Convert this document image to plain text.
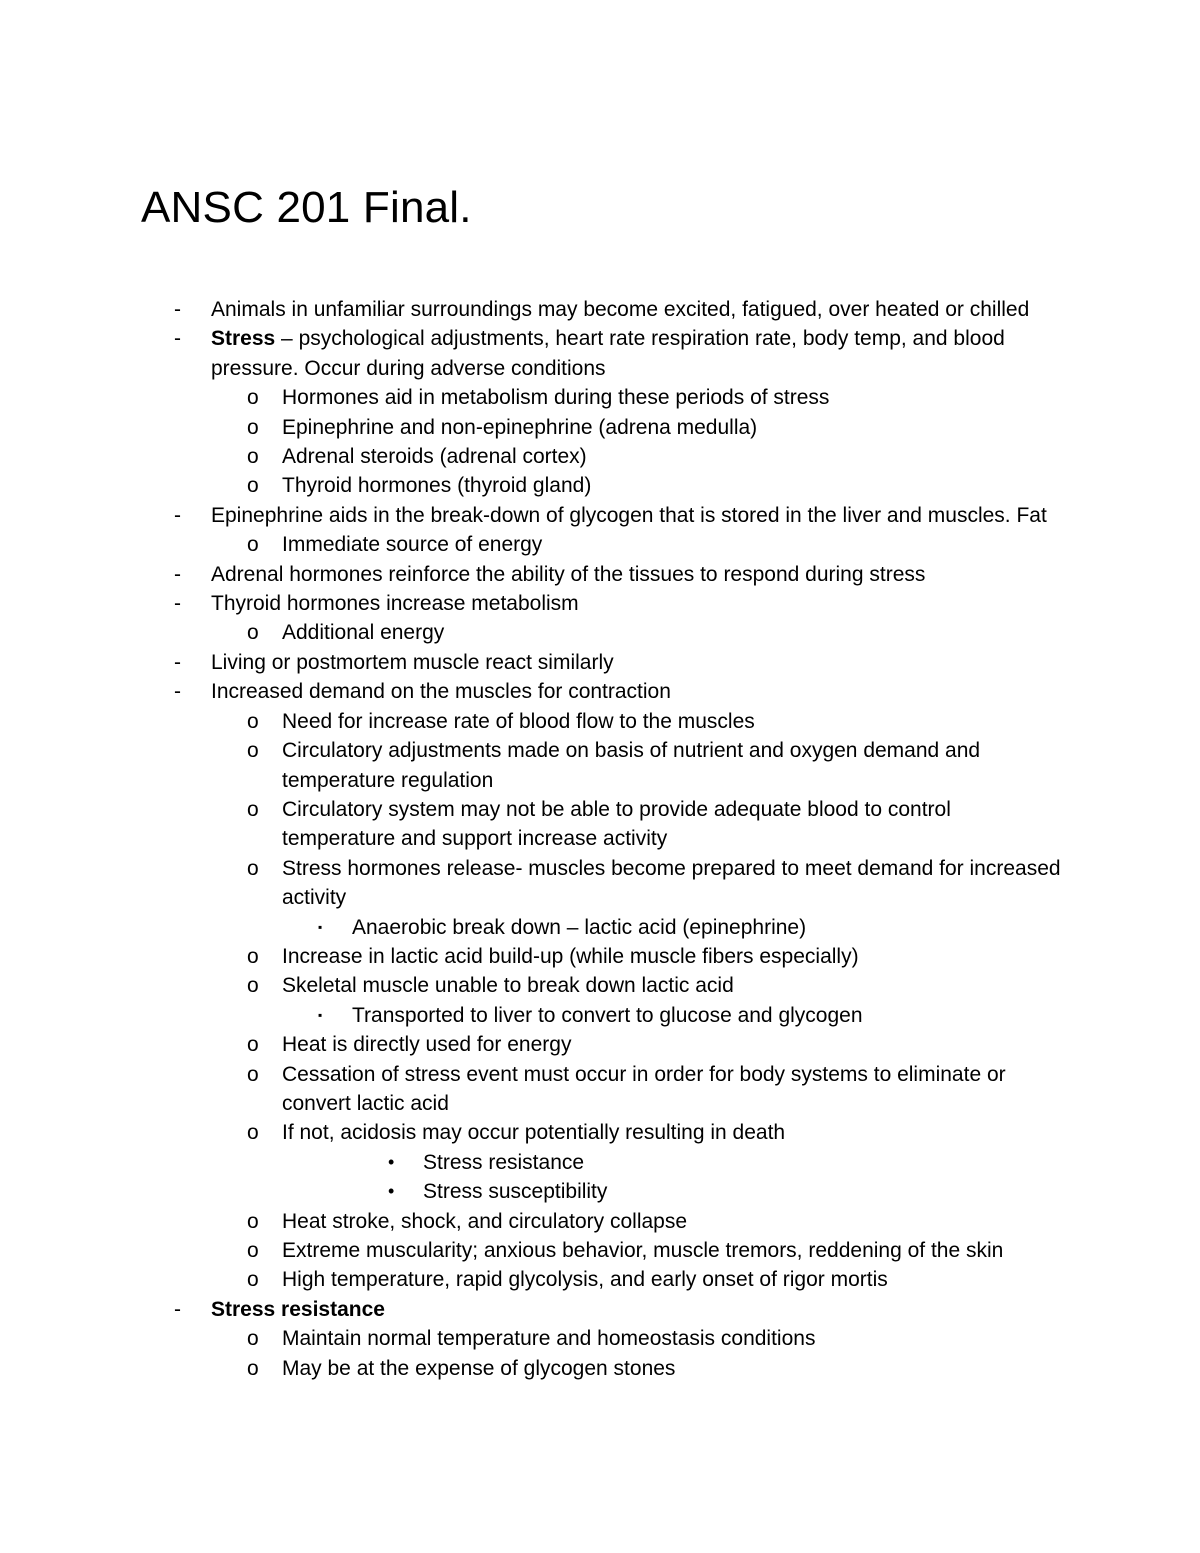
ANSC 201 Final.
- Animals in unfamiliar surroundings may become excited, fatigued, over heated or chilled
- Stress – psychological adjustments, heart rate respiration rate, body temp, and blood pressure. Occur during adverse conditions
o Hormones aid in metabolism during these periods of stress
o Epinephrine and non-epinephrine (adrena medulla)
o Adrenal steroids (adrenal cortex)
o Thyroid hormones (thyroid gland)
- Epinephrine aids in the break-down of glycogen that is stored in the liver and muscles. Fat
o Immediate source of energy
- Adrenal hormones reinforce the ability of the tissues to respond during stress
- Thyroid hormones increase metabolism
o Additional energy
- Living or postmortem muscle react similarly
- Increased demand on the muscles for contraction
o Need for increase rate of blood flow to the muscles
o Circulatory adjustments made on basis of nutrient and oxygen demand and temperature regulation
o Circulatory system may not be able to provide adequate blood to control temperature and support increase activity
o Stress hormones release- muscles become prepared to meet demand for increased activity
▪ Anaerobic break down – lactic acid (epinephrine)
o Increase in lactic acid build-up (while muscle fibers especially)
o Skeletal muscle unable to break down lactic acid
▪ Transported to liver to convert to glucose and glycogen
o Heat is directly used for energy
o Cessation of stress event must occur in order for body systems to eliminate or convert lactic acid
o If not, acidosis may occur potentially resulting in death
• Stress resistance
• Stress susceptibility
o Heat stroke, shock, and circulatory collapse
o Extreme muscularity; anxious behavior, muscle tremors, reddening of the skin
o High temperature, rapid glycolysis, and early onset of rigor mortis
- Stress resistance
o Maintain normal temperature and homeostasis conditions
o May be at the expense of glycogen stones
